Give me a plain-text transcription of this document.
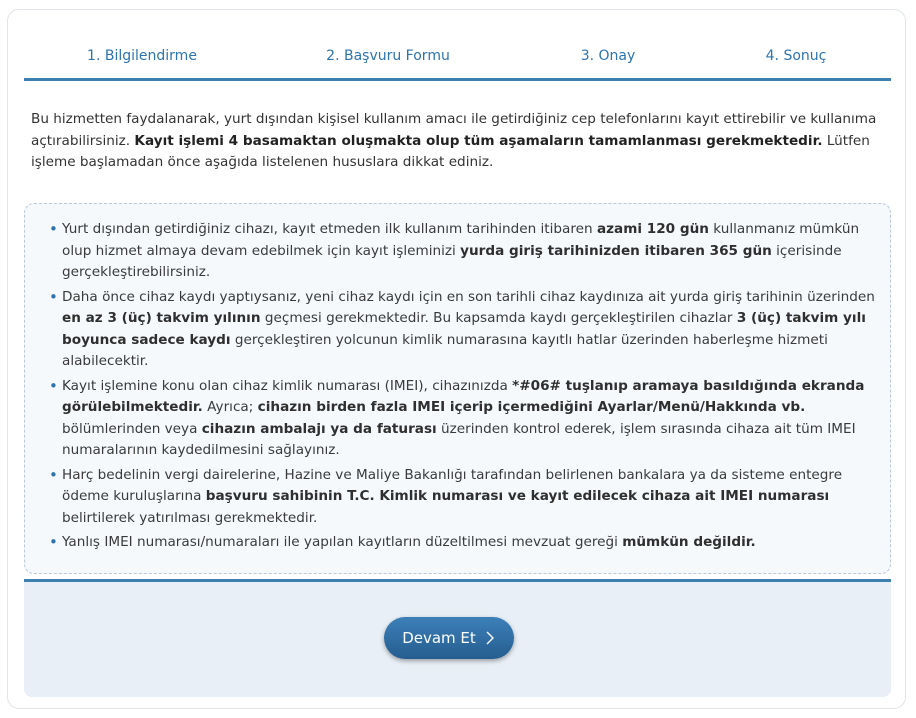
1. Bilgilendirme	2. Başvuru Formu	3. Onay	4. Sonuç

Bu hizmetten faydalanarak, yurt dışından kişisel kullanım amacı ile getirdiğiniz cep telefonlarını kayıt ettirebilir ve kullanıma açtırabilirsiniz. Kayıt işlemi 4 basamaktan oluşmakta olup tüm aşamaların tamamlanması gerekmektedir. Lütfen işleme başlamadan önce aşağıda listelenen hususlara dikkat ediniz.

• Yurt dışından getirdiğiniz cihazı, kayıt etmeden ilk kullanım tarihinden itibaren azami 120 gün kullanmanız mümkün olup hizmet almaya devam edebilmek için kayıt işleminizi yurda giriş tarihinizden itibaren 365 gün içerisinde gerçekleştirebilirsiniz.
• Daha önce cihaz kaydı yaptıysanız, yeni cihaz kaydı için en son tarihli cihaz kaydınıza ait yurda giriş tarihinin üzerinden en az 3 (üç) takvim yılının geçmesi gerekmektedir. Bu kapsamda kaydı gerçekleştirilen cihazlar 3 (üç) takvim yılı boyunca sadece kaydı gerçekleştiren yolcunun kimlik numarasına kayıtlı hatlar üzerinden haberleşme hizmeti alabilecektir.
• Kayıt işlemine konu olan cihaz kimlik numarası (IMEI), cihazınızda *#06# tuşlanıp aramaya basıldığında ekranda görülebilmektedir. Ayrıca; cihazın birden fazla IMEI içerip içermediğini Ayarlar/Menü/Hakkında vb. bölümlerinden veya cihazın ambalajı ya da faturası üzerinden kontrol ederek, işlem sırasında cihaza ait tüm IMEI numaralarının kaydedilmesini sağlayınız.
• Harç bedelinin vergi dairelerine, Hazine ve Maliye Bakanlığı tarafından belirlenen bankalara ya da sisteme entegre ödeme kuruluşlarına başvuru sahibinin T.C. Kimlik numarası ve kayıt edilecek cihaza ait IMEI numarası belirtilerek yatırılması gerekmektedir.
• Yanlış IMEI numarası/numaraları ile yapılan kayıtların düzeltilmesi mevzuat gereği mümkün değildir.
Devam Et
